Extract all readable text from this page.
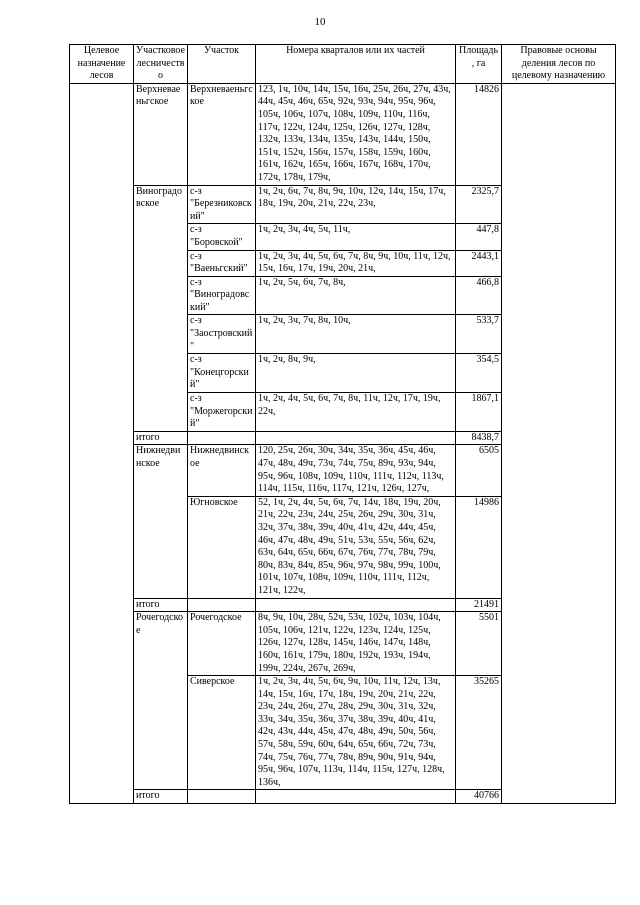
10
Целевое назначение лесов	Участковое лесничество	Участок	Номера кварталов или их частей	Площадь, га	Правовые основы деления лесов по целевому назначению
	Верхневаеньгское	Верхневаеньгское	123, 1ч, 10ч, 14ч, 15ч, 16ч, 25ч, 26ч, 27ч, 43ч, 44ч, 45ч, 46ч, 65ч, 92ч, 93ч, 94ч, 95ч, 96ч, 105ч, 106ч, 107ч, 108ч, 109ч, 110ч, 116ч, 117ч, 122ч, 124ч, 125ч, 126ч, 127ч, 128ч, 132ч, 133ч, 134ч, 135ч, 143ч, 144ч, 150ч, 151ч, 152ч, 156ч, 157ч, 158ч, 159ч, 160ч, 161ч, 162ч, 165ч, 166ч, 167ч, 168ч, 170ч, 172ч, 178ч, 179ч,	14826	
	Виноградовское	с-з "Березниковский"	1ч, 2ч, 6ч, 7ч, 8ч, 9ч, 10ч, 12ч, 14ч, 15ч, 17ч, 18ч, 19ч, 20ч, 21ч, 22ч, 23ч,	2325,7	
		с-з "Боровской"	1ч, 2ч, 3ч, 4ч, 5ч, 11ч,	447,8	
		с-з "Ваеньгский"	1ч, 2ч, 3ч, 4ч, 5ч, 6ч, 7ч, 8ч, 9ч, 10ч, 11ч, 12ч, 15ч, 16ч, 17ч, 19ч, 20ч, 21ч,	2443,1	
		с-з "Виноградовский"	1ч, 2ч, 5ч, 6ч, 7ч, 8ч,	466,8	
		с-з "Заостровский"	1ч, 2ч, 3ч, 7ч, 8ч, 10ч,	533,7	
		с-з "Конецгорский"	1ч, 2ч, 8ч, 9ч,	354,5	
		с-з "Моржегорский"	1ч, 2ч, 4ч, 5ч, 6ч, 7ч, 8ч, 11ч, 12ч, 17ч, 19ч, 22ч,	1867,1	
	итого			8438,7	
	Нижнедвинское	Нижнедвинское	120, 25ч, 26ч, 30ч, 34ч, 35ч, 36ч, 45ч, 46ч, 47ч, 48ч, 49ч, 73ч, 74ч, 75ч, 89ч, 93ч, 94ч, 95ч, 96ч, 108ч, 109ч, 110ч, 111ч, 112ч, 113ч, 114ч, 115ч, 116ч, 117ч, 121ч, 126ч, 127ч,	6505	
		Югновское	52, 1ч, 2ч, 4ч, 5ч, 6ч, 7ч, 14ч, 18ч, 19ч, 20ч, 21ч, 22ч, 23ч, 24ч, 25ч, 26ч, 29ч, 30ч, 31ч, 32ч, 37ч, 38ч, 39ч, 40ч, 41ч, 42ч, 44ч, 45ч, 46ч, 47ч, 48ч, 49ч, 51ч, 53ч, 55ч, 56ч, 62ч, 63ч, 64ч, 65ч, 66ч, 67ч, 76ч, 77ч, 78ч, 79ч, 80ч, 83ч, 84ч, 85ч, 96ч, 97ч, 98ч, 99ч, 100ч, 101ч, 107ч, 108ч, 109ч, 110ч, 111ч, 112ч, 121ч, 122ч,	14986	
	итого			21491	
	Рочегодское	Рочегодское	8ч, 9ч, 10ч, 28ч, 52ч, 53ч, 102ч, 103ч, 104ч, 105ч, 106ч, 121ч, 122ч, 123ч, 124ч, 125ч, 126ч, 127ч, 128ч, 145ч, 146ч, 147ч, 148ч, 160ч, 161ч, 179ч, 180ч, 192ч, 193ч, 194ч, 199ч, 224ч, 267ч, 269ч,	5501	
		Сиверское	1ч, 2ч, 3ч, 4ч, 5ч, 6ч, 9ч, 10ч, 11ч, 12ч, 13ч, 14ч, 15ч, 16ч, 17ч, 18ч, 19ч, 20ч, 21ч, 22ч, 23ч, 24ч, 26ч, 27ч, 28ч, 29ч, 30ч, 31ч, 32ч, 33ч, 34ч, 35ч, 36ч, 37ч, 38ч, 39ч, 40ч, 41ч, 42ч, 43ч, 44ч, 45ч, 47ч, 48ч, 49ч, 50ч, 56ч, 57ч, 58ч, 59ч, 60ч, 64ч, 65ч, 66ч, 72ч, 73ч, 74ч, 75ч, 76ч, 77ч, 78ч, 89ч, 90ч, 91ч, 94ч, 95ч, 96ч, 107ч, 113ч, 114ч, 115ч, 127ч, 128ч, 136ч,	35265	
	итого			40766	
